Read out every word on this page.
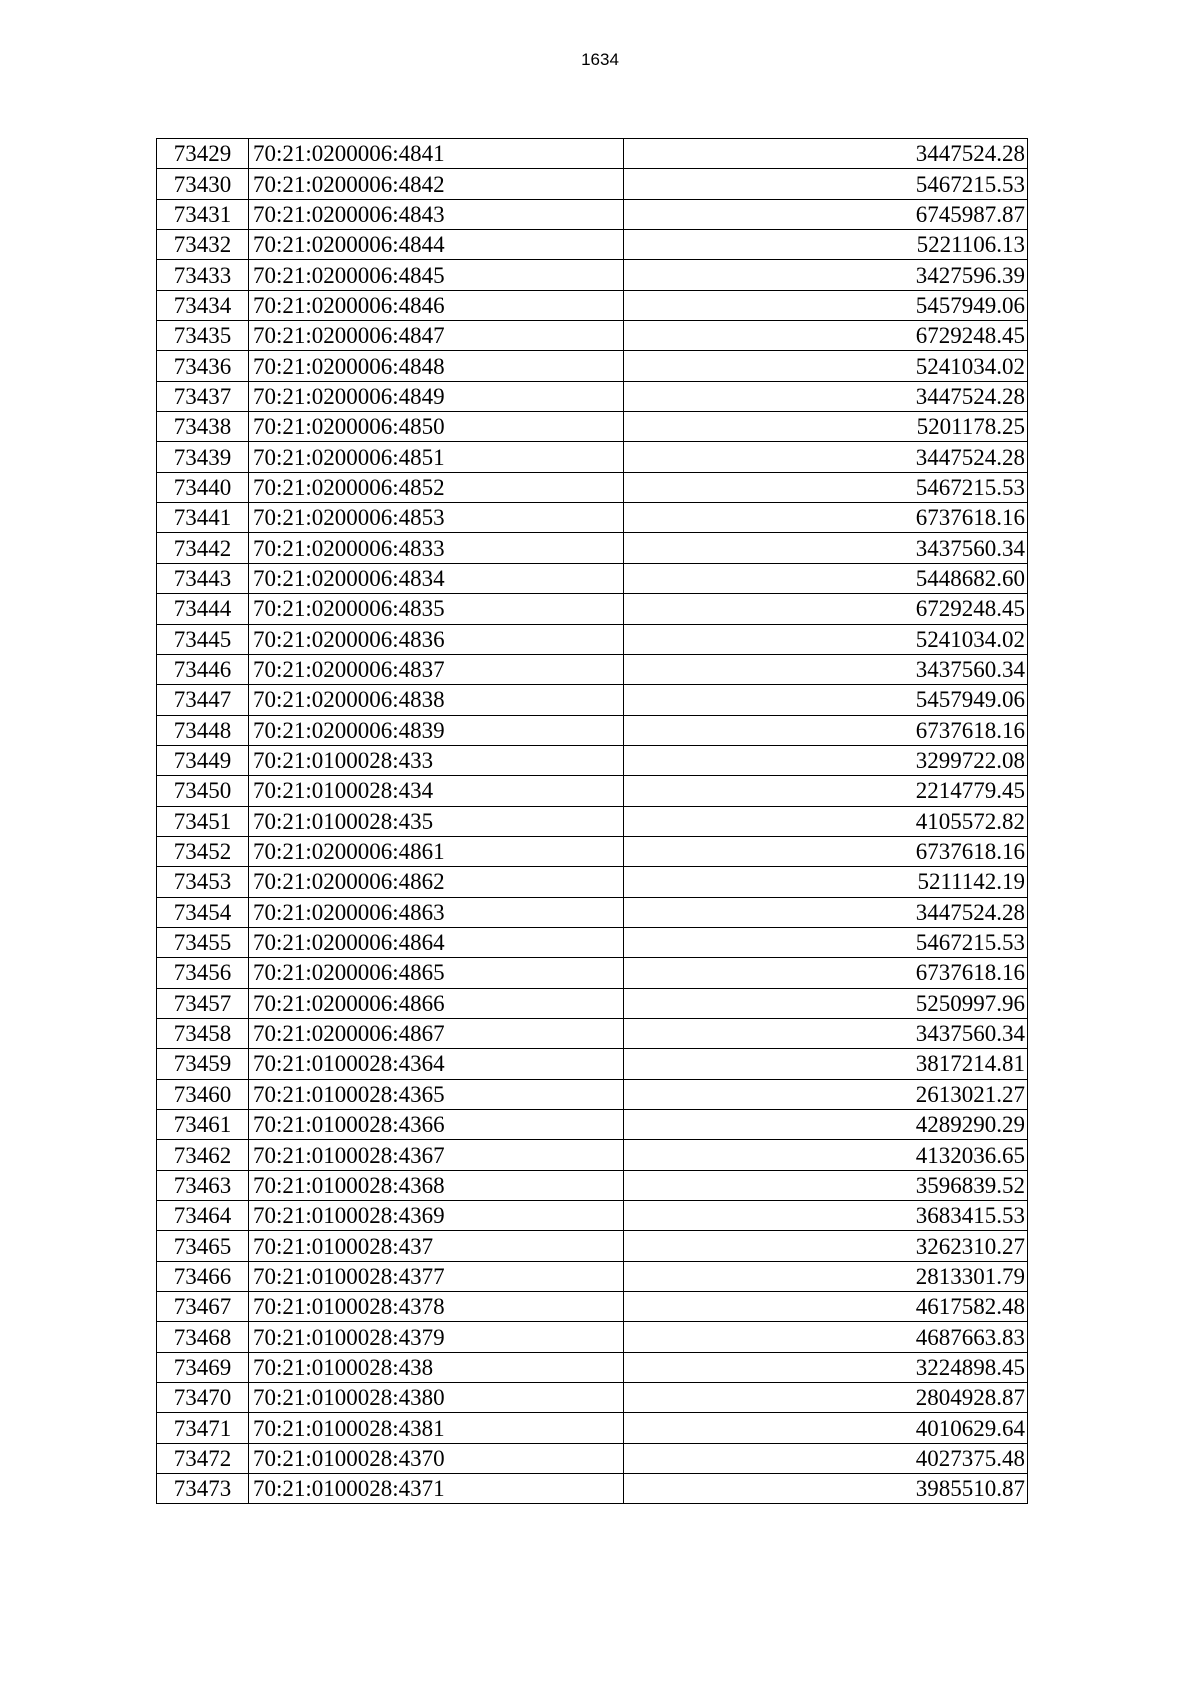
1634
73429	70:21:0200006:4841	3447524.28
73430	70:21:0200006:4842	5467215.53
73431	70:21:0200006:4843	6745987.87
73432	70:21:0200006:4844	5221106.13
73433	70:21:0200006:4845	3427596.39
73434	70:21:0200006:4846	5457949.06
73435	70:21:0200006:4847	6729248.45
73436	70:21:0200006:4848	5241034.02
73437	70:21:0200006:4849	3447524.28
73438	70:21:0200006:4850	5201178.25
73439	70:21:0200006:4851	3447524.28
73440	70:21:0200006:4852	5467215.53
73441	70:21:0200006:4853	6737618.16
73442	70:21:0200006:4833	3437560.34
73443	70:21:0200006:4834	5448682.60
73444	70:21:0200006:4835	6729248.45
73445	70:21:0200006:4836	5241034.02
73446	70:21:0200006:4837	3437560.34
73447	70:21:0200006:4838	5457949.06
73448	70:21:0200006:4839	6737618.16
73449	70:21:0100028:433	3299722.08
73450	70:21:0100028:434	2214779.45
73451	70:21:0100028:435	4105572.82
73452	70:21:0200006:4861	6737618.16
73453	70:21:0200006:4862	5211142.19
73454	70:21:0200006:4863	3447524.28
73455	70:21:0200006:4864	5467215.53
73456	70:21:0200006:4865	6737618.16
73457	70:21:0200006:4866	5250997.96
73458	70:21:0200006:4867	3437560.34
73459	70:21:0100028:4364	3817214.81
73460	70:21:0100028:4365	2613021.27
73461	70:21:0100028:4366	4289290.29
73462	70:21:0100028:4367	4132036.65
73463	70:21:0100028:4368	3596839.52
73464	70:21:0100028:4369	3683415.53
73465	70:21:0100028:437	3262310.27
73466	70:21:0100028:4377	2813301.79
73467	70:21:0100028:4378	4617582.48
73468	70:21:0100028:4379	4687663.83
73469	70:21:0100028:438	3224898.45
73470	70:21:0100028:4380	2804928.87
73471	70:21:0100028:4381	4010629.64
73472	70:21:0100028:4370	4027375.48
73473	70:21:0100028:4371	3985510.87
